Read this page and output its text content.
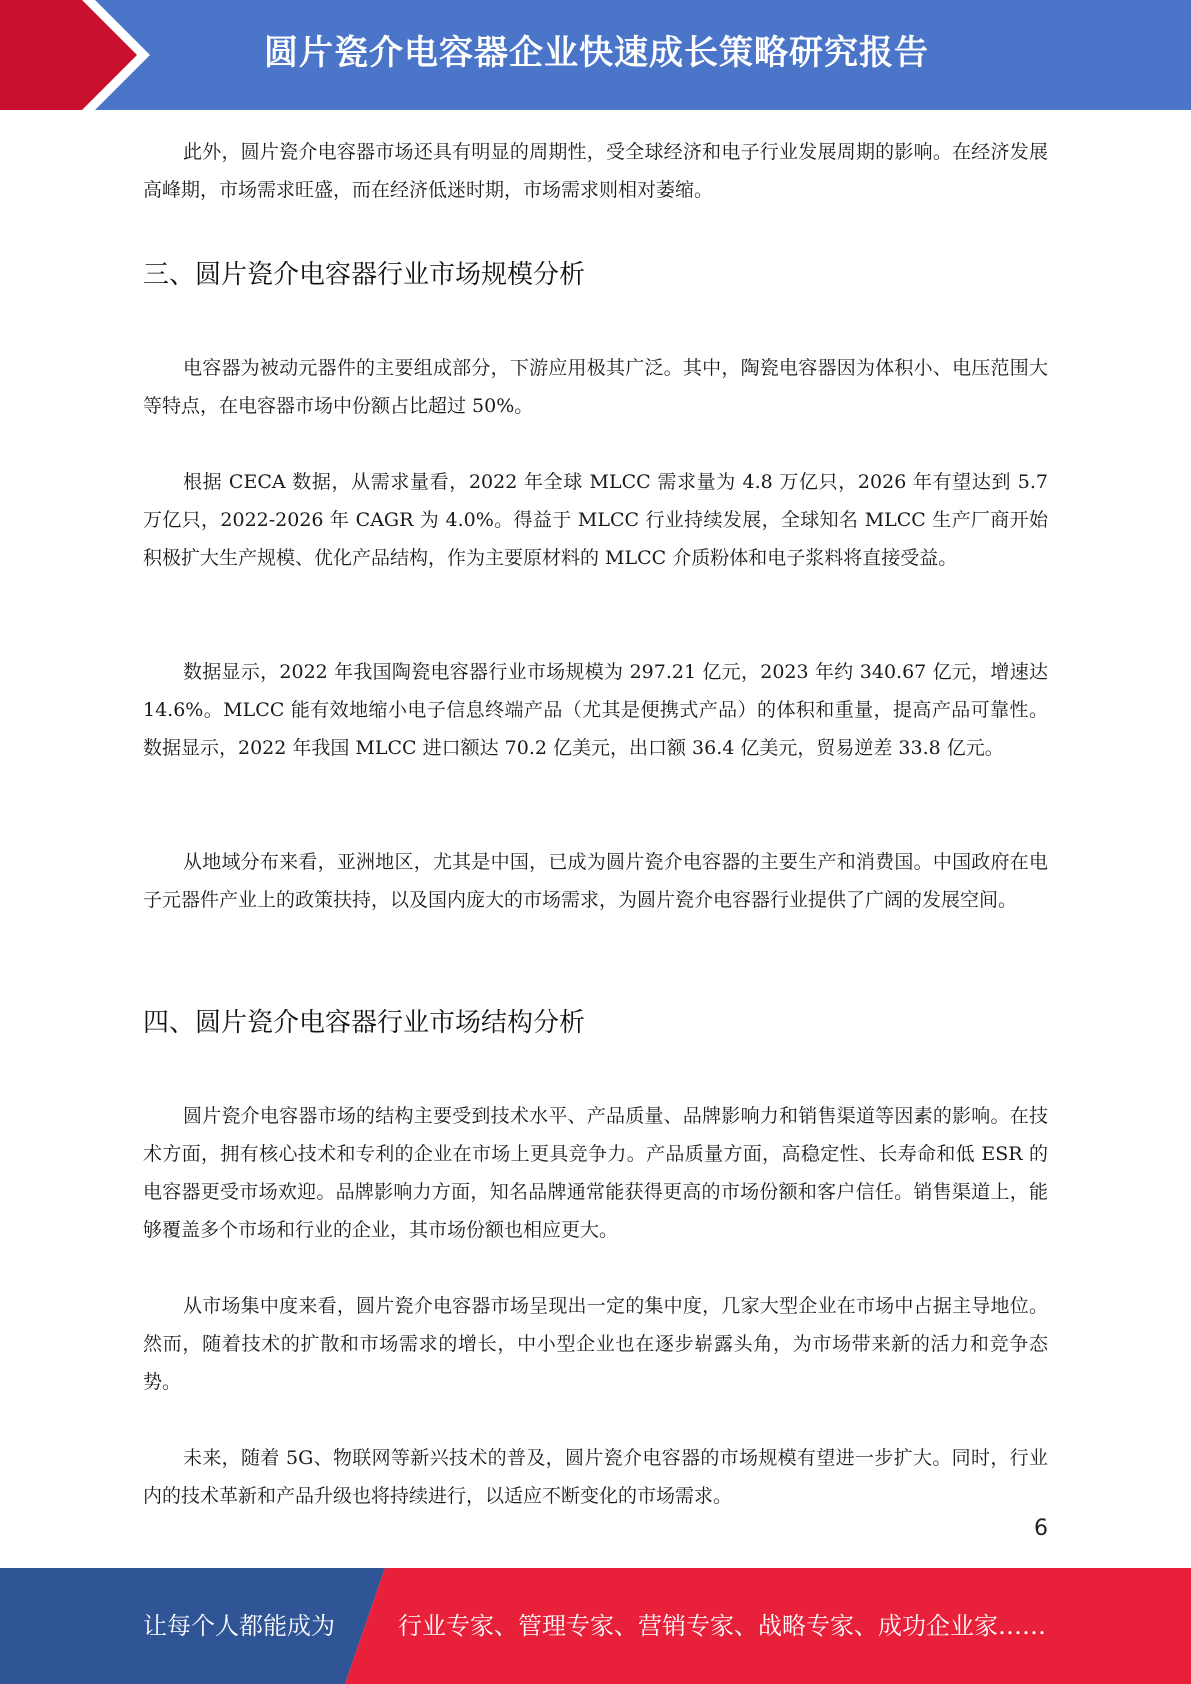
圆片瓷介电容器企业快速成长策略研究报告

此外，圆片瓷介电容器市场还具有明显的周期性，受全球经济和电子行业发展周期的影响。在经济发展高峰期，市场需求旺盛，而在经济低迷时期，市场需求则相对萎缩。

三、圆片瓷介电容器行业市场规模分析

电容器为被动元器件的主要组成部分，下游应用极其广泛。其中，陶瓷电容器因为体积小、电压范围大等特点，在电容器市场中份额占比超过 50%。

根据 CECA 数据，从需求量看，2022 年全球 MLCC 需求量为 4.8 万亿只，2026 年有望达到 5.7 万亿只，2022-2026 年 CAGR 为 4.0%。得益于 MLCC 行业持续发展，全球知名 MLCC 生产厂商开始积极扩大生产规模、优化产品结构，作为主要原材料的 MLCC 介质粉体和电子浆料将直接受益。

数据显示，2022 年我国陶瓷电容器行业市场规模为 297.21 亿元，2023 年约 340.67 亿元，增速达 14.6%。MLCC 能有效地缩小电子信息终端产品（尤其是便携式产品）的体积和重量，提高产品可靠性。数据显示，2022 年我国 MLCC 进口额达 70.2 亿美元，出口额 36.4 亿美元，贸易逆差 33.8 亿元。

从地域分布来看，亚洲地区，尤其是中国，已成为圆片瓷介电容器的主要生产和消费国。中国政府在电子元器件产业上的政策扶持，以及国内庞大的市场需求，为圆片瓷介电容器行业提供了广阔的发展空间。

四、圆片瓷介电容器行业市场结构分析

圆片瓷介电容器市场的结构主要受到技术水平、产品质量、品牌影响力和销售渠道等因素的影响。在技术方面，拥有核心技术和专利的企业在市场上更具竞争力。产品质量方面，高稳定性、长寿命和低 ESR 的电容器更受市场欢迎。品牌影响力方面，知名品牌通常能获得更高的市场份额和客户信任。销售渠道上，能够覆盖多个市场和行业的企业，其市场份额也相应更大。

从市场集中度来看，圆片瓷介电容器市场呈现出一定的集中度，几家大型企业在市场中占据主导地位。然而，随着技术的扩散和市场需求的增长，中小型企业也在逐步崭露头角，为市场带来新的活力和竞争态势。

未来，随着 5G、物联网等新兴技术的普及，圆片瓷介电容器的市场规模有望进一步扩大。同时，行业内的技术革新和产品升级也将持续进行，以适应不断变化的市场需求。

6
让每个人都能成为	行业专家、管理专家、营销专家、战略专家、成功企业家……
